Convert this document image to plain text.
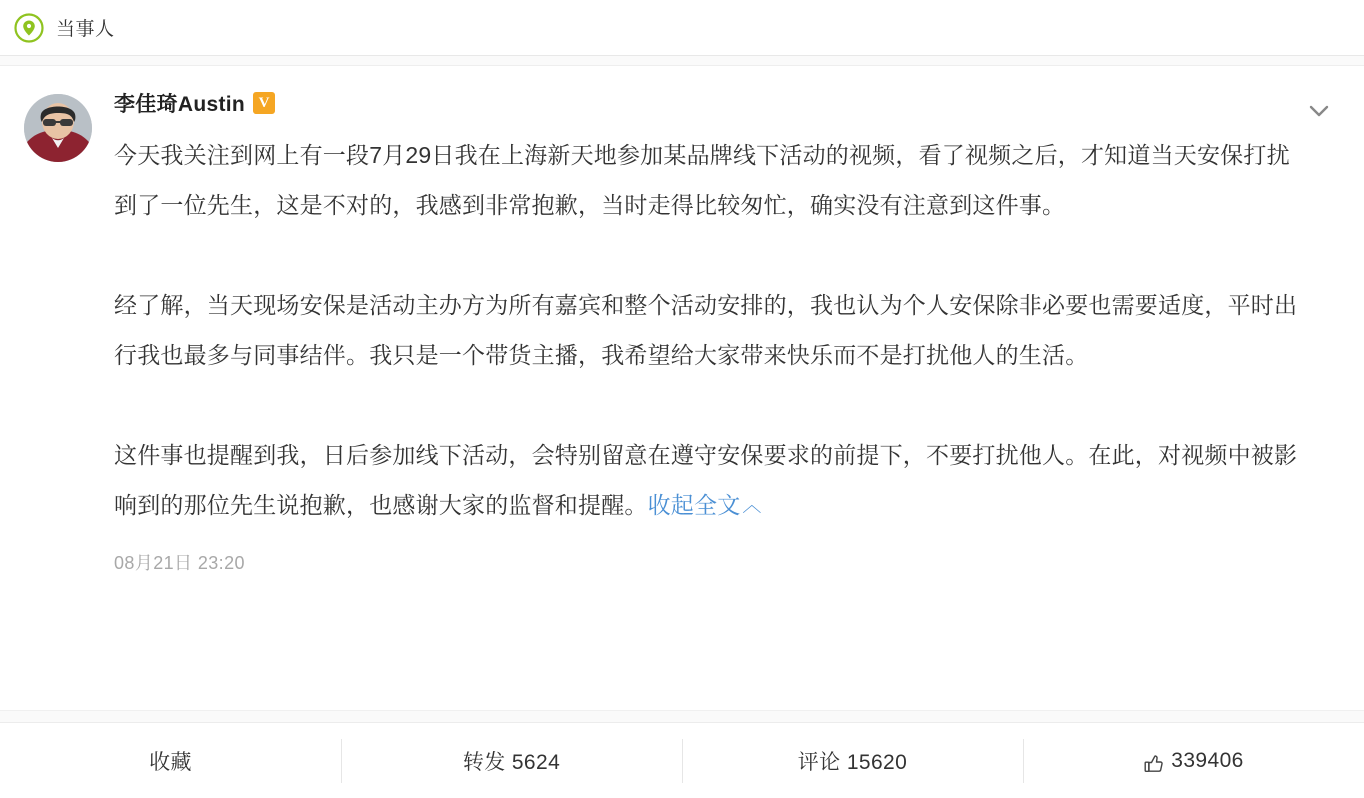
当事人
李佳琦Austin V

今天我关注到网上有一段7月29日我在上海新天地参加某品牌线下活动的视频，看了视频之后，才知道当天安保打扰到了一位先生，这是不对的，我感到非常抱歉，当时走得比较匆忙，确实没有注意到这件事。

经了解，当天现场安保是活动主办方为所有嘉宾和整个活动安排的，我也认为个人安保除非必要也需要适度，平时出行我也最多与同事结伴。我只是一个带货主播，我希望给大家带来快乐而不是打扰他人的生活。

这件事也提醒到我，日后参加线下活动，会特别留意在遵守安保要求的前提下，不要打扰他人。在此，对视频中被影响到的那位先生说抱歉，也感谢大家的监督和提醒。收起全文 ︿

08月21日 23:20
收藏	转发 5624	评论 15620	339406
